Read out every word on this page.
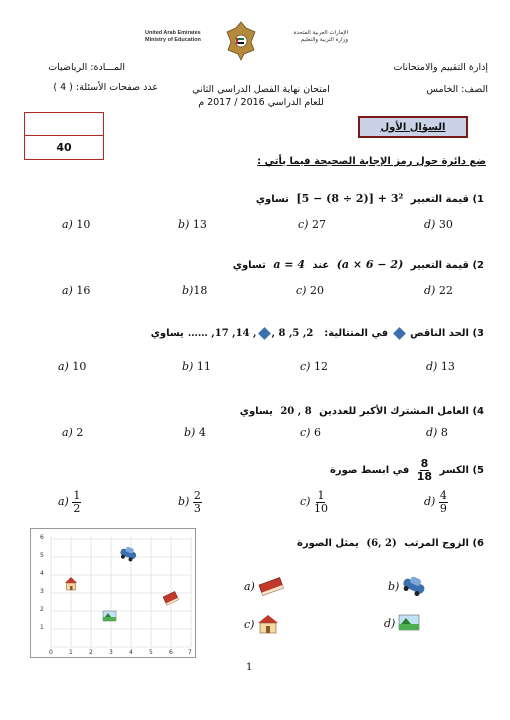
United Arab Emirates
Ministry of Education
الإمارات العربية المتحدة
وزارة التربية والتعليم
إدارة التقييم والامتحانات
الصف: الخامس
المـــادة: الرياضيات
عدد صفحات الأسئلة: ( 4 )	امتحان نهاية الفصل الدراسي الثاني
للعام الدراسي 2016 / 2017 م
40
السؤال الأول
ضع دائرة حول رمز الإجابة الصحيحة فيما يأتي :
1) قيمة التعبير [5 − (8 ÷ 2)] + 3² تساوي
a) 10	b) 13	c) 27	d) 30
2) قيمة التعبير (a × 6 − 2) عند a = 4 تساوي
a) 16	b)18	c) 20	d) 22
3) الحد الناقص  في المتتالية: …… ,17 ,14 , , 8 ,5 ,2 يساوي
a) 10	b) 11	c) 12	d) 13
4) العامل المشترك الأكبر للعددين 20 , 8 يساوي
a) 2	b) 4	c) 6	d) 8
5) الكسر
$\frac{8}{18}$
في ابسط صورة
$a) \frac{1}{2}$	$b) \frac{2}{3}$	$c) \frac{1}{10}$	$d) \frac{4}{9}$
6) الزوج المرتب (6, 2) يمثل الصورة
6
5
4
3
2
1
0	1	2	3	4	5	6	7
a)	b)
c)	d)
1
